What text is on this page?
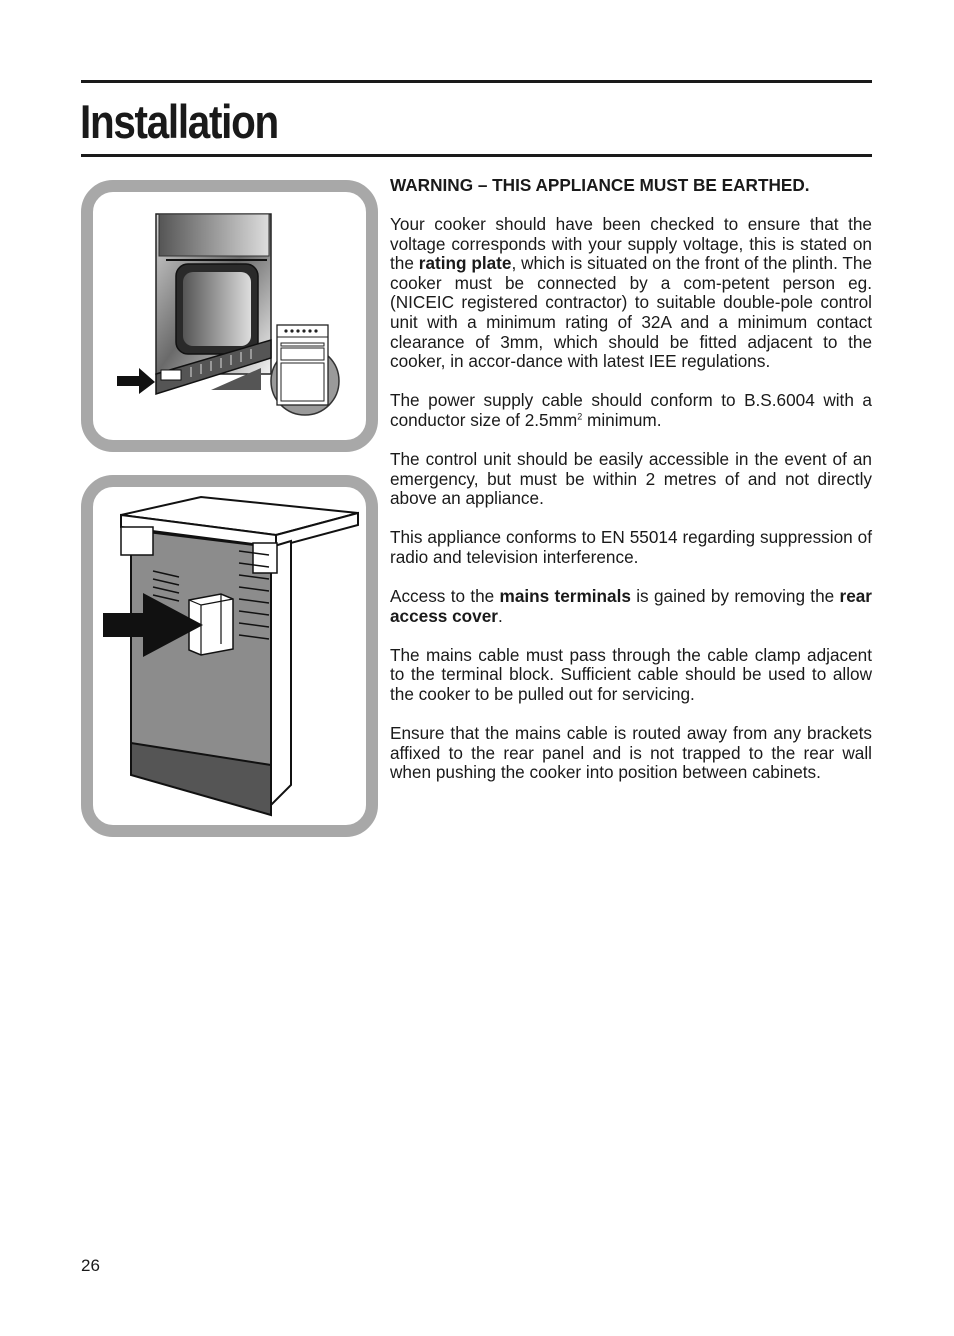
Installation

WARNING – THIS APPLIANCE MUST BE EARTHED.

Your cooker should have been checked to ensure that the voltage corresponds with your supply voltage, this is stated on the rating plate, which is situated on the front of the plinth. The cooker must be connected by a com-petent person eg. (NICEIC registered contractor) to suitable double-pole control unit with a minimum rating of 32A and a minimum contact clearance of 3mm, which should be fitted adjacent to the cooker, in accor-dance with latest IEE regulations.

The power supply cable should conform to B.S.6004 with a conductor size of $2.5mm^2$ minimum.

The control unit should be easily accessible in the event of an emergency, but must be within 2 metres of and not directly above an appliance.

This appliance conforms to EN 55014 regarding suppression of radio and television interference.

Access to the mains terminals is gained by removing the rear access cover.

The mains cable must pass through the cable clamp adjacent to the terminal block. Sufficient cable should be used to allow the cooker to be pulled out for servicing.

Ensure that the mains cable is routed away from any brackets affixed to the rear panel and is not trapped to the rear wall when pushing the cooker into position between cabinets.

26
